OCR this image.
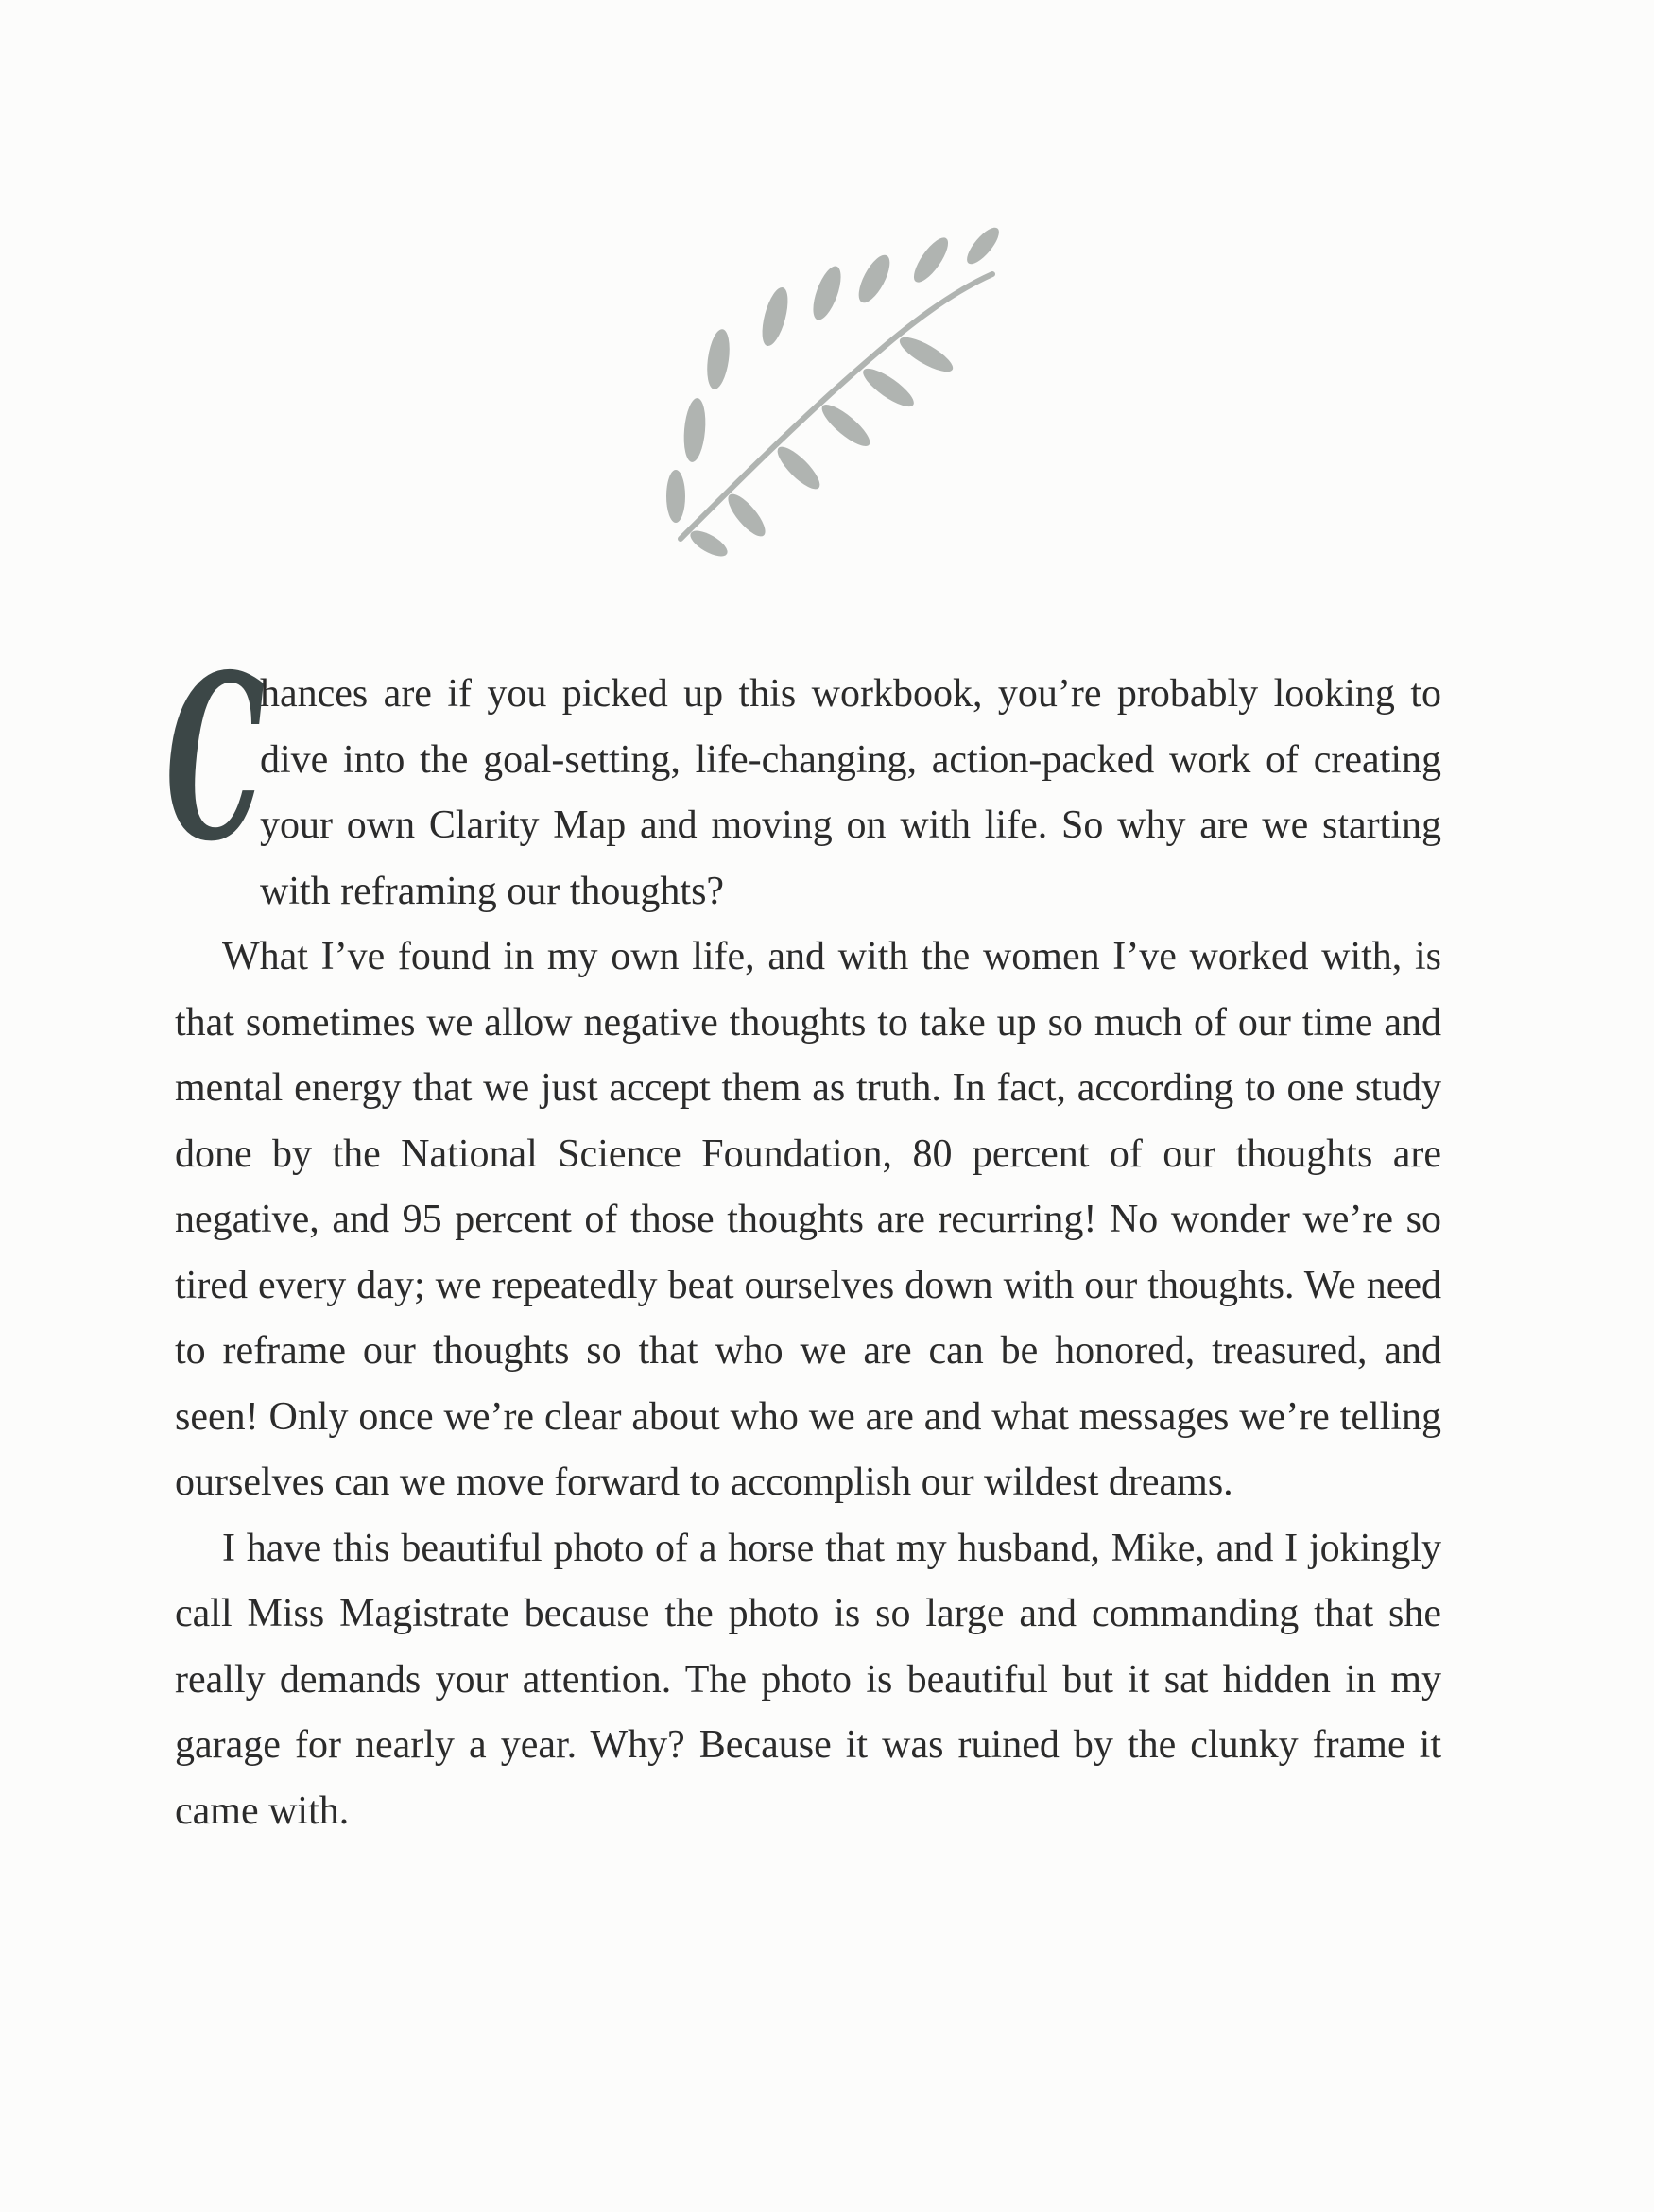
Chances are if you picked up this workbook, you’re probably looking to dive into the goal-setting, life-changing, action-packed work of creating your own Clarity Map and moving on with life. So why are we starting with reframing our thoughts?

What I’ve found in my own life, and with the women I’ve worked with, is that sometimes we allow negative thoughts to take up so much of our time and mental energy that we just accept them as truth. In fact, according to one study done by the National Science Foundation, 80 percent of our thoughts are negative, and 95 percent of those thoughts are recurring! No wonder we’re so tired every day; we repeatedly beat ourselves down with our thoughts. We need to reframe our thoughts so that who we are can be honored, treasured, and seen! Only once we’re clear about who we are and what messages we’re telling ourselves can we move forward to accomplish our wildest dreams.

I have this beautiful photo of a horse that my husband, Mike, and I jokingly call Miss Magistrate because the photo is so large and commanding that she really demands your attention. The photo is beautiful but it sat hidden in my garage for nearly a year. Why? Because it was ruined by the clunky frame it came with.
